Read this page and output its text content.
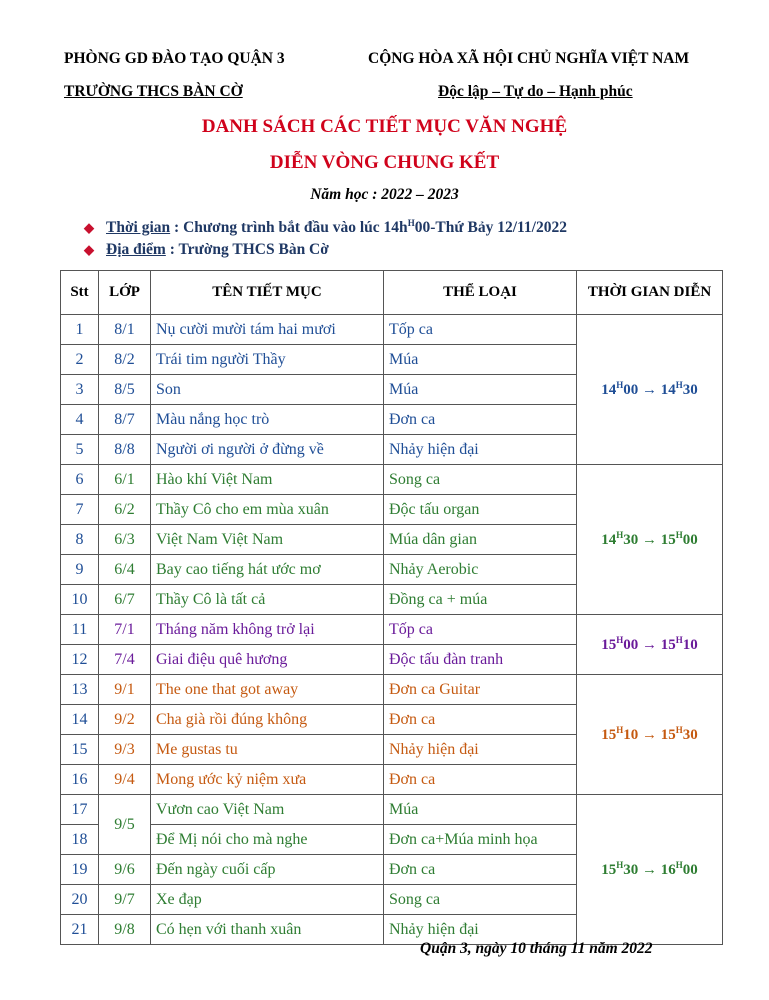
PHÒNG GD ĐÀO TẠO QUẬN 3	CỘNG HÒA XÃ HỘI CHỦ NGHĨA VIỆT NAM
TRƯỜNG THCS BÀN CỜ	Độc lập – Tự do – Hạnh phúc
DANH SÁCH CÁC TIẾT MỤC VĂN NGHỆ
DIỄN VÒNG CHUNG KẾT
Năm học : 2022 – 2023
◆ Thời gian : Chương trình bắt đầu vào lúc $14h^H00$-Thứ Bảy 12/11/2022
◆ Địa điểm : Trường THCS Bàn Cờ
Stt	LỚP	TÊN TIẾT MỤC	THỂ LOẠI	THỜI GIAN DIỄN
1	8/1	Nụ cười mười tám hai mươi	Tốp ca	$14^H00 \to 14^H30$
2	8/2	Trái tim người Thầy	Múa	
3	8/5	Son	Múa	
4	8/7	Màu nắng học trò	Đơn ca	
5	8/8	Người ơi người ở đừng về	Nhảy hiện đại	
6	6/1	Hào khí Việt Nam	Song ca	$14^H30 \to 15^H00$
7	6/2	Thầy Cô cho em mùa xuân	Độc tấu organ	
8	6/3	Việt Nam Việt Nam	Múa dân gian	
9	6/4	Bay cao tiếng hát ước mơ	Nhảy Aerobic	
10	6/7	Thầy Cô là tất cả	Đồng ca + múa	
11	7/1	Tháng năm không trở lại	Tốp ca	$15^H00 \to 15^H10$
12	7/4	Giai điệu quê hương	Độc tấu đàn tranh	
13	9/1	The one that got away	Đơn ca Guitar	$15^H10 \to 15^H30$
14	9/2	Cha già rồi đúng không	Đơn ca	
15	9/3	Me gustas tu	Nhảy hiện đại	
16	9/4	Mong ước kỷ niệm xưa	Đơn ca	
17	9/5	Vươn cao Việt Nam	Múa	$15^H30 \to 16^H00$
18		Để Mị nói cho mà nghe	Đơn ca+Múa minh họa	
19	9/6	Đến ngày cuối cấp	Đơn ca	
20	9/7	Xe đạp	Song ca	
21	9/8	Có hẹn với thanh xuân	Nhảy hiện đại	
Quận 3, ngày 10 tháng 11 năm 2022
